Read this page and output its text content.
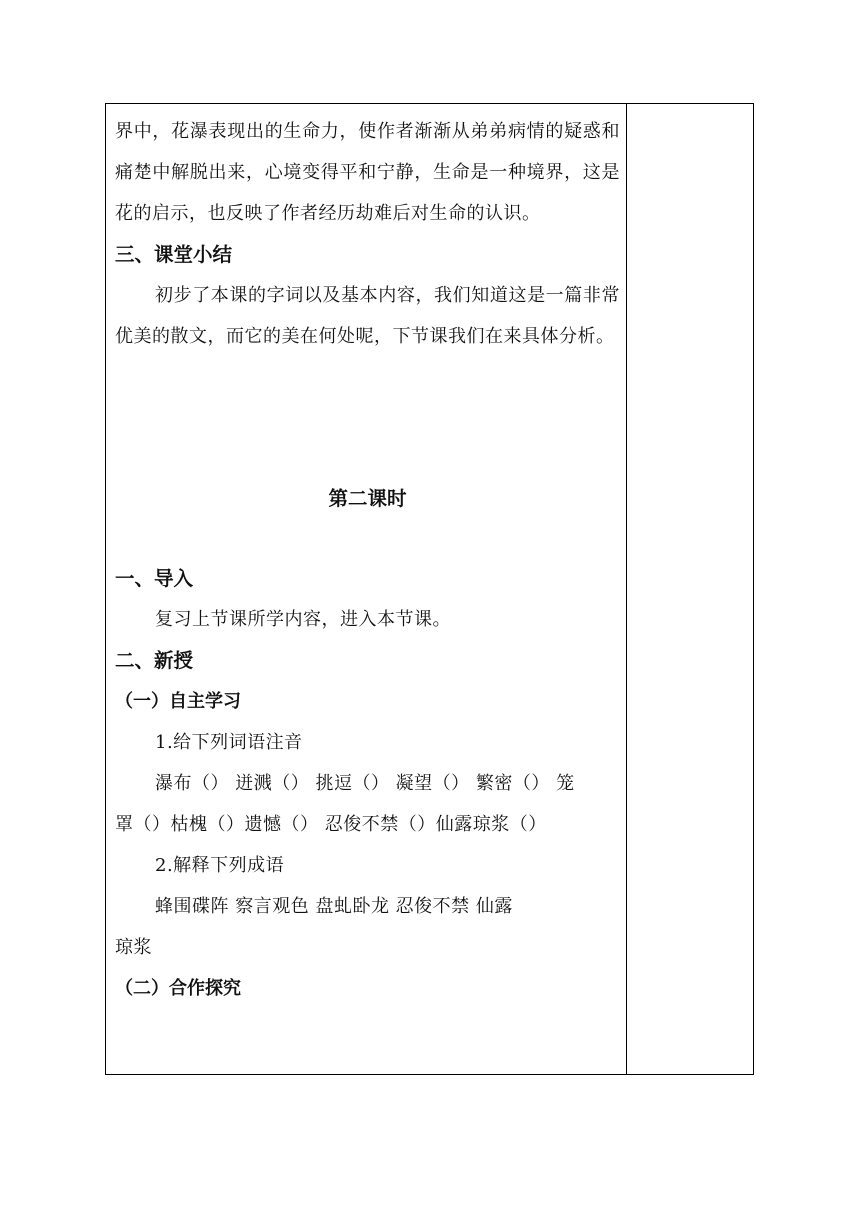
界中，花瀑表现出的生命力，使作者渐渐从弟弟病情的疑惑和痛楚中解脱出来，心境变得平和宁静，生命是一种境界，这是花的启示，也反映了作者经历劫难后对生命的认识。

三、课堂小结

初步了本课的字词以及基本内容，我们知道这是一篇非常优美的散文，而它的美在何处呢，下节课我们在来具体分析。

第二课时

一、导入

复习上节课所学内容，进入本节课。

二、新授

（一）自主学习

1.给下列词语注音

瀑布（） 迸溅（） 挑逗（） 凝望（） 繁密（） 笼

罩（）枯槐（）遗憾（） 忍俊不禁（）仙露琼浆（）

2.解释下列成语

蜂围碟阵 察言观色 盘虬卧龙 忍俊不禁 仙露

琼浆

（二）合作探究
